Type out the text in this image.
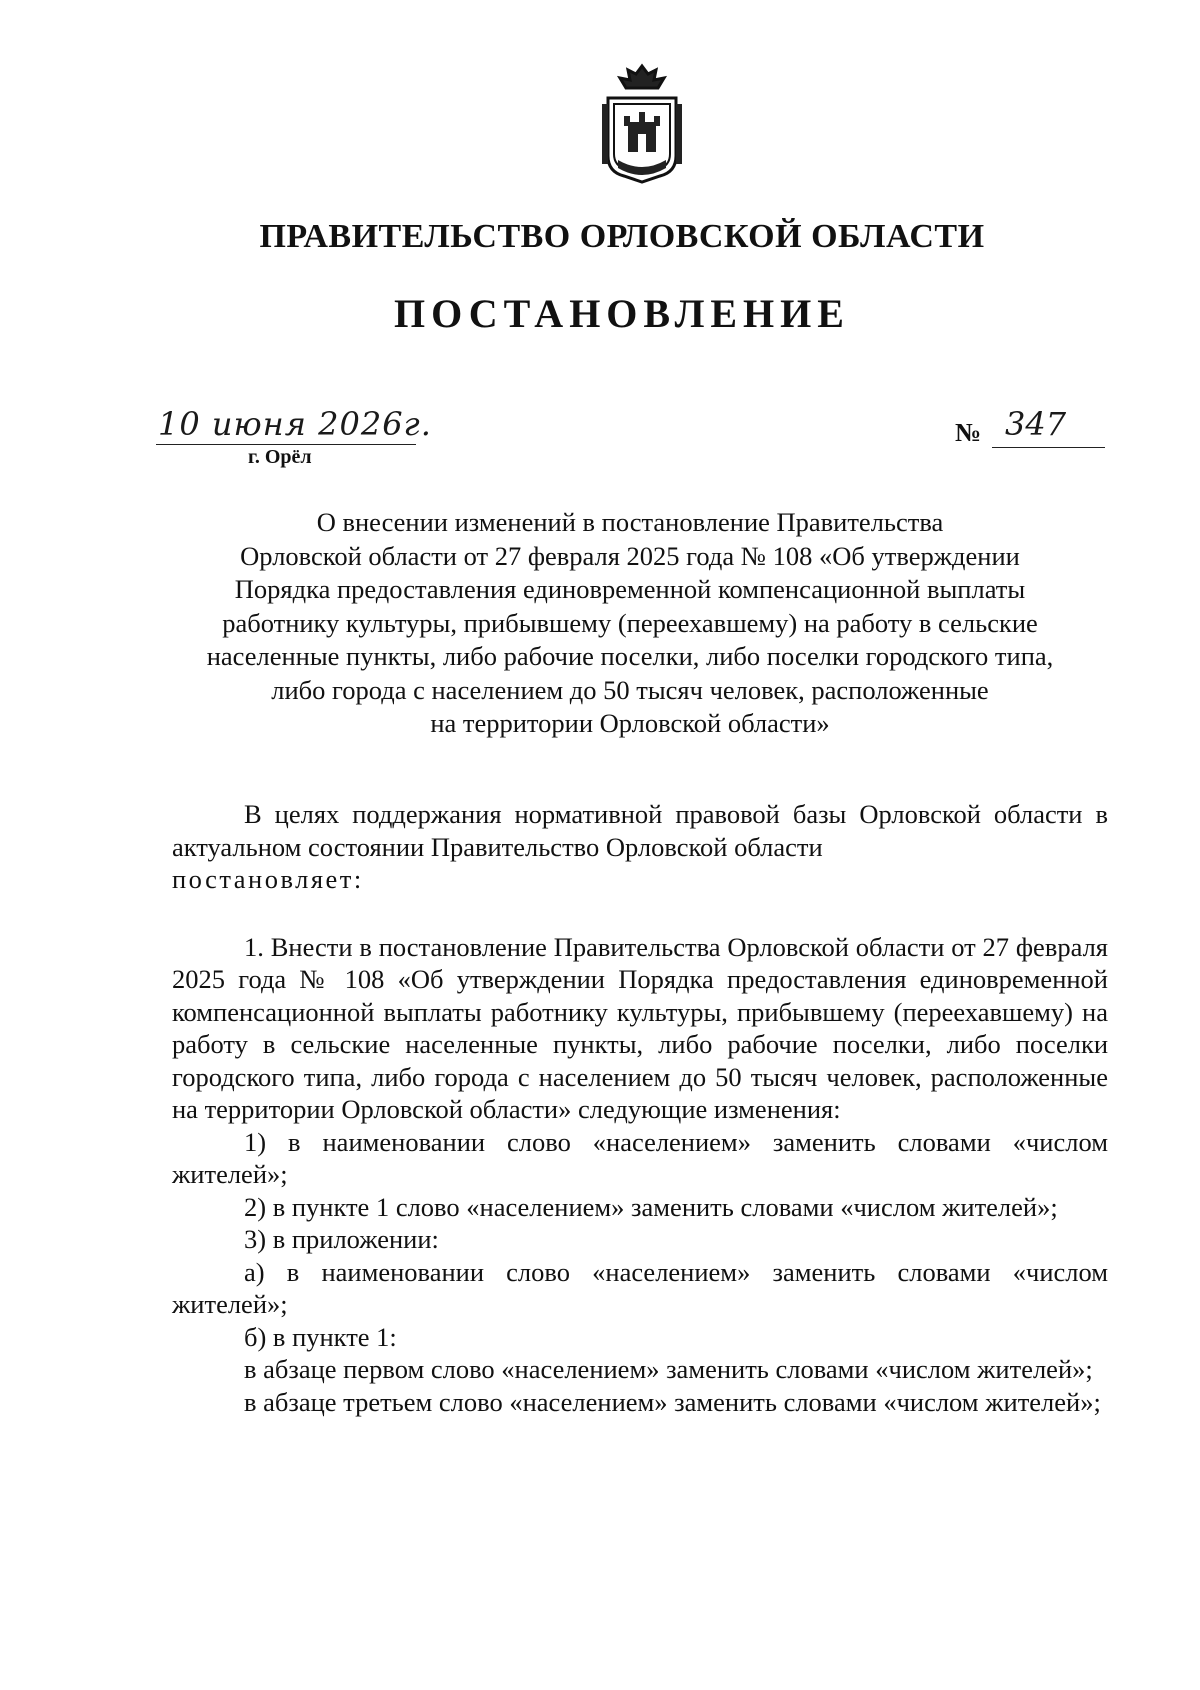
ПРАВИТЕЛЬСТВО ОРЛОВСКОЙ ОБЛАСТИ
ПОСТАНОВЛЕНИЕ
10 июня 2026г.
г. Орёл
№ 347
О внесении изменений в постановление Правительства
Орловской области от 27 февраля 2025 года № 108 «Об утверждении
Порядка предоставления единовременной компенсационной выплаты
работнику культуры, прибывшему (переехавшему) на работу в сельские
населенные пункты, либо рабочие поселки, либо поселки городского типа,
либо города с населением до 50 тысяч человек, расположенные
на территории Орловской области»

В целях поддержания нормативной правовой базы Орловской области в актуальном состоянии Правительство Орловской области

постановляет:

1. Внести в постановление Правительства Орловской области от 27 февраля 2025 года № 108 «Об утверждении Порядка предоставления единовременной компенсационной выплаты работнику культуры, прибывшему (переехавшему) на работу в сельские населенные пункты, либо рабочие поселки, либо поселки городского типа, либо города с населением до 50 тысяч человек, расположенные на территории Орловской области» следующие изменения:

1) в наименовании слово «населением» заменить словами «числом жителей»;

2) в пункте 1 слово «населением» заменить словами «числом жителей»;

3) в приложении:

а) в наименовании слово «населением» заменить словами «числом жителей»;

б) в пункте 1:

в абзаце первом слово «населением» заменить словами «числом жителей»;

в абзаце третьем слово «населением» заменить словами «числом жителей»;
